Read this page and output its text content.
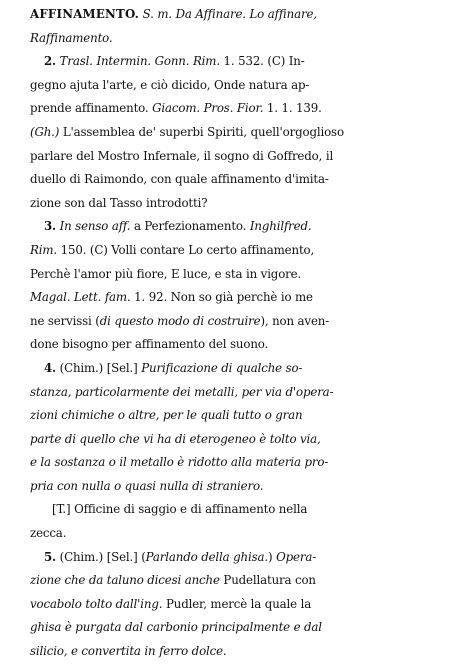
AFFINAMENTO. S. m. Da Affinare. Lo affinare,
Raffinamento.
2. Trasl. Intermin. Gonn. Rim. 1. 532. (C) In-
gegno ajuta l'arte, e ciò dicido, Onde natura ap-
prende affinamento. Giacom. Pros. Fior. 1. 1. 139.
(Gh.) L'assemblea de' superbi Spiriti, quell'orgoglioso
parlare del Mostro Infernale, il sogno di Goffredo, il
duello di Raimondo, con quale affinamento d'imita-
zione son dal Tasso introdotti?
3. In senso aff. a Perfezionamento. Inghilfred.
Rim. 150. (C) Volli contare Lo certo affinamento,
Perchè l'amor più fiore, E luce, e sta in vigore.
Magal. Lett. fam. 1. 92. Non so già perchè io me
ne servissi (di questo modo di costruire), non aven-
done bisogno per affinamento del suono.
4. (Chim.) [Sel.] Purificazione di qualche so-
stanza, particolarmente dei metalli, per via d'opera-
zioni chimiche o altre, per le quali tutto o gran
parte di quello che vi ha di eterogeneo è tolto via,
e la sostanza o il metallo è ridotto alla materia pro-
pria con nulla o quasi nulla di straniero.
[T.] Officine di saggio e di affinamento nella
zecca.
5. (Chim.) [Sel.] (Parlando della ghisa.) Opera-
zione che da taluno dicesi anche Pudellatura con
vocabolo tolto dall'ing. Pudler, mercè la quale la
ghisa è purgata dal carbonio principalmente e dal
silicio, e convertita in ferro dolce.
